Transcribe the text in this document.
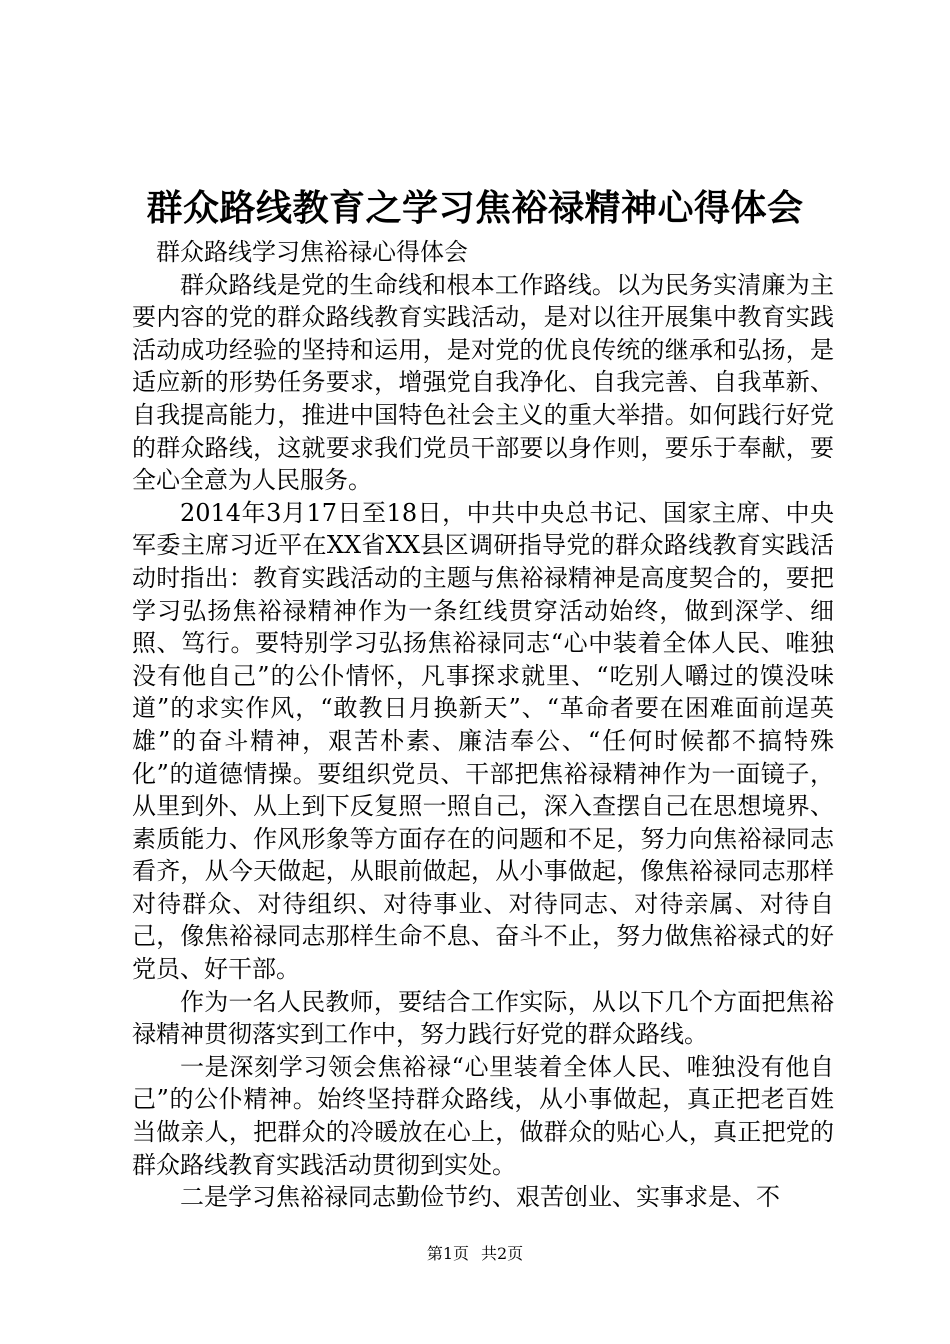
群众路线教育之学习焦裕禄精神心得体会

群众路线学习焦裕禄心得体会

群众路线是党的生命线和根本工作路线。以为民务实清廉为主要内容的党的群众路线教育实践活动，是对以往开展集中教育实践活动成功经验的坚持和运用，是对党的优良传统的继承和弘扬，是适应新的形势任务要求，增强党自我净化、自我完善、自我革新、自我提高能力，推进中国特色社会主义的重大举措。如何践行好党的群众路线，这就要求我们党员干部要以身作则，要乐于奉献，要全心全意为人民服务。

2014年3月17日至18日，中共中央总书记、国家主席、中央军委主席习近平在XX省XX县区调研指导党的群众路线教育实践活动时指出：教育实践活动的主题与焦裕禄精神是高度契合的，要把学习弘扬焦裕禄精神作为一条红线贯穿活动始终，做到深学、细照、笃行。要特别学习弘扬焦裕禄同志“心中装着全体人民、唯独没有他自己”的公仆情怀，凡事探求就里、“吃别人嚼过的馍没味道”的求实作风，“敢教日月换新天”、“革命者要在困难面前逞英雄”的奋斗精神，艰苦朴素、廉洁奉公、“任何时候都不搞特殊化”的道德情操。要组织党员、干部把焦裕禄精神作为一面镜子，从里到外、从上到下反复照一照自己，深入查摆自己在思想境界、素质能力、作风形象等方面存在的问题和不足，努力向焦裕禄同志看齐，从今天做起，从眼前做起，从小事做起，像焦裕禄同志那样对待群众、对待组织、对待事业、对待同志、对待亲属、对待自己，像焦裕禄同志那样生命不息、奋斗不止，努力做焦裕禄式的好党员、好干部。

作为一名人民教师，要结合工作实际，从以下几个方面把焦裕禄精神贯彻落实到工作中，努力践行好党的群众路线。

一是深刻学习领会焦裕禄“心里装着全体人民、唯独没有他自己”的公仆精神。始终坚持群众路线，从小事做起，真正把老百姓当做亲人，把群众的冷暖放在心上，做群众的贴心人，真正把党的群众路线教育实践活动贯彻到实处。

二是学习焦裕禄同志勤俭节约、艰苦创业、实事求是、不

第1页 共2页
